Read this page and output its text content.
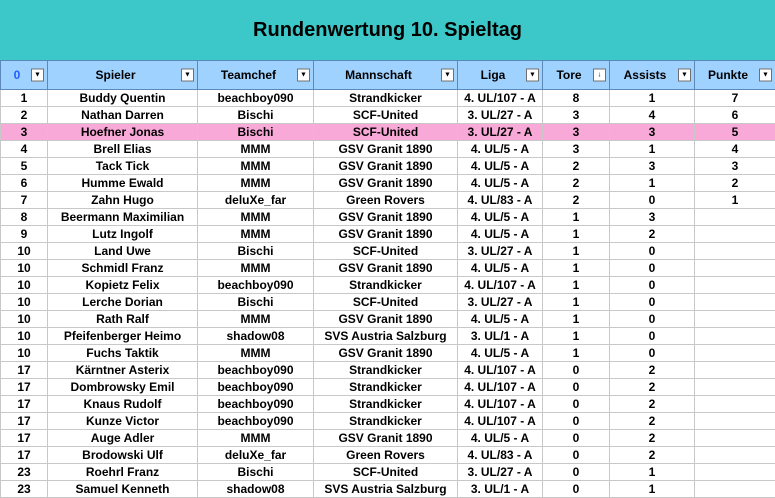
Rundenwertung 10. Spieltag
0 ▼	Spieler ▼	Teamchef ▼	Mannschaft ▼	Liga ▼	Tore ↓	Assists ▼	Punkte ▼

1	Buddy Quentin	beachboy090	Strandkicker	4. UL/107 - A	8	1	7
2	Nathan Darren	Bischi	SCF-United	3. UL/27 - A	3	4	6
3	Hoefner Jonas	Bischi	SCF-United	3. UL/27 - A	3	3	5
4	Brell Elias	MMM	GSV Granit 1890	4. UL/5 - A	3	1	4
5	Tack Tick	MMM	GSV Granit 1890	4. UL/5 - A	2	3	3
6	Humme Ewald	MMM	GSV Granit 1890	4. UL/5 - A	2	1	2
7	Zahn Hugo	deluXe_far	Green Rovers	4. UL/83 - A	2	0	1
8	Beermann Maximilian	MMM	GSV Granit 1890	4. UL/5 - A	1	3	
9	Lutz Ingolf	MMM	GSV Granit 1890	4. UL/5 - A	1	2	
10	Land Uwe	Bischi	SCF-United	3. UL/27 - A	1	0	
10	Schmidl Franz	MMM	GSV Granit 1890	4. UL/5 - A	1	0	
10	Kopietz Felix	beachboy090	Strandkicker	4. UL/107 - A	1	0	
10	Lerche Dorian	Bischi	SCF-United	3. UL/27 - A	1	0	
10	Rath Ralf	MMM	GSV Granit 1890	4. UL/5 - A	1	0	
10	Pfeifenberger Heimo	shadow08	SVS Austria Salzburg	3. UL/1 - A	1	0	
10	Fuchs Taktik	MMM	GSV Granit 1890	4. UL/5 - A	1	0	
17	Kärntner Asterix	beachboy090	Strandkicker	4. UL/107 - A	0	2	
17	Dombrowsky Emil	beachboy090	Strandkicker	4. UL/107 - A	0	2	
17	Knaus Rudolf	beachboy090	Strandkicker	4. UL/107 - A	0	2	
17	Kunze Victor	beachboy090	Strandkicker	4. UL/107 - A	0	2	
17	Auge Adler	MMM	GSV Granit 1890	4. UL/5 - A	0	2	
17	Brodowski Ulf	deluXe_far	Green Rovers	4. UL/83 - A	0	2	
23	Roehrl Franz	Bischi	SCF-United	3. UL/27 - A	0	1	
23	Samuel Kenneth	shadow08	SVS Austria Salzburg	3. UL/1 - A	0	1	
